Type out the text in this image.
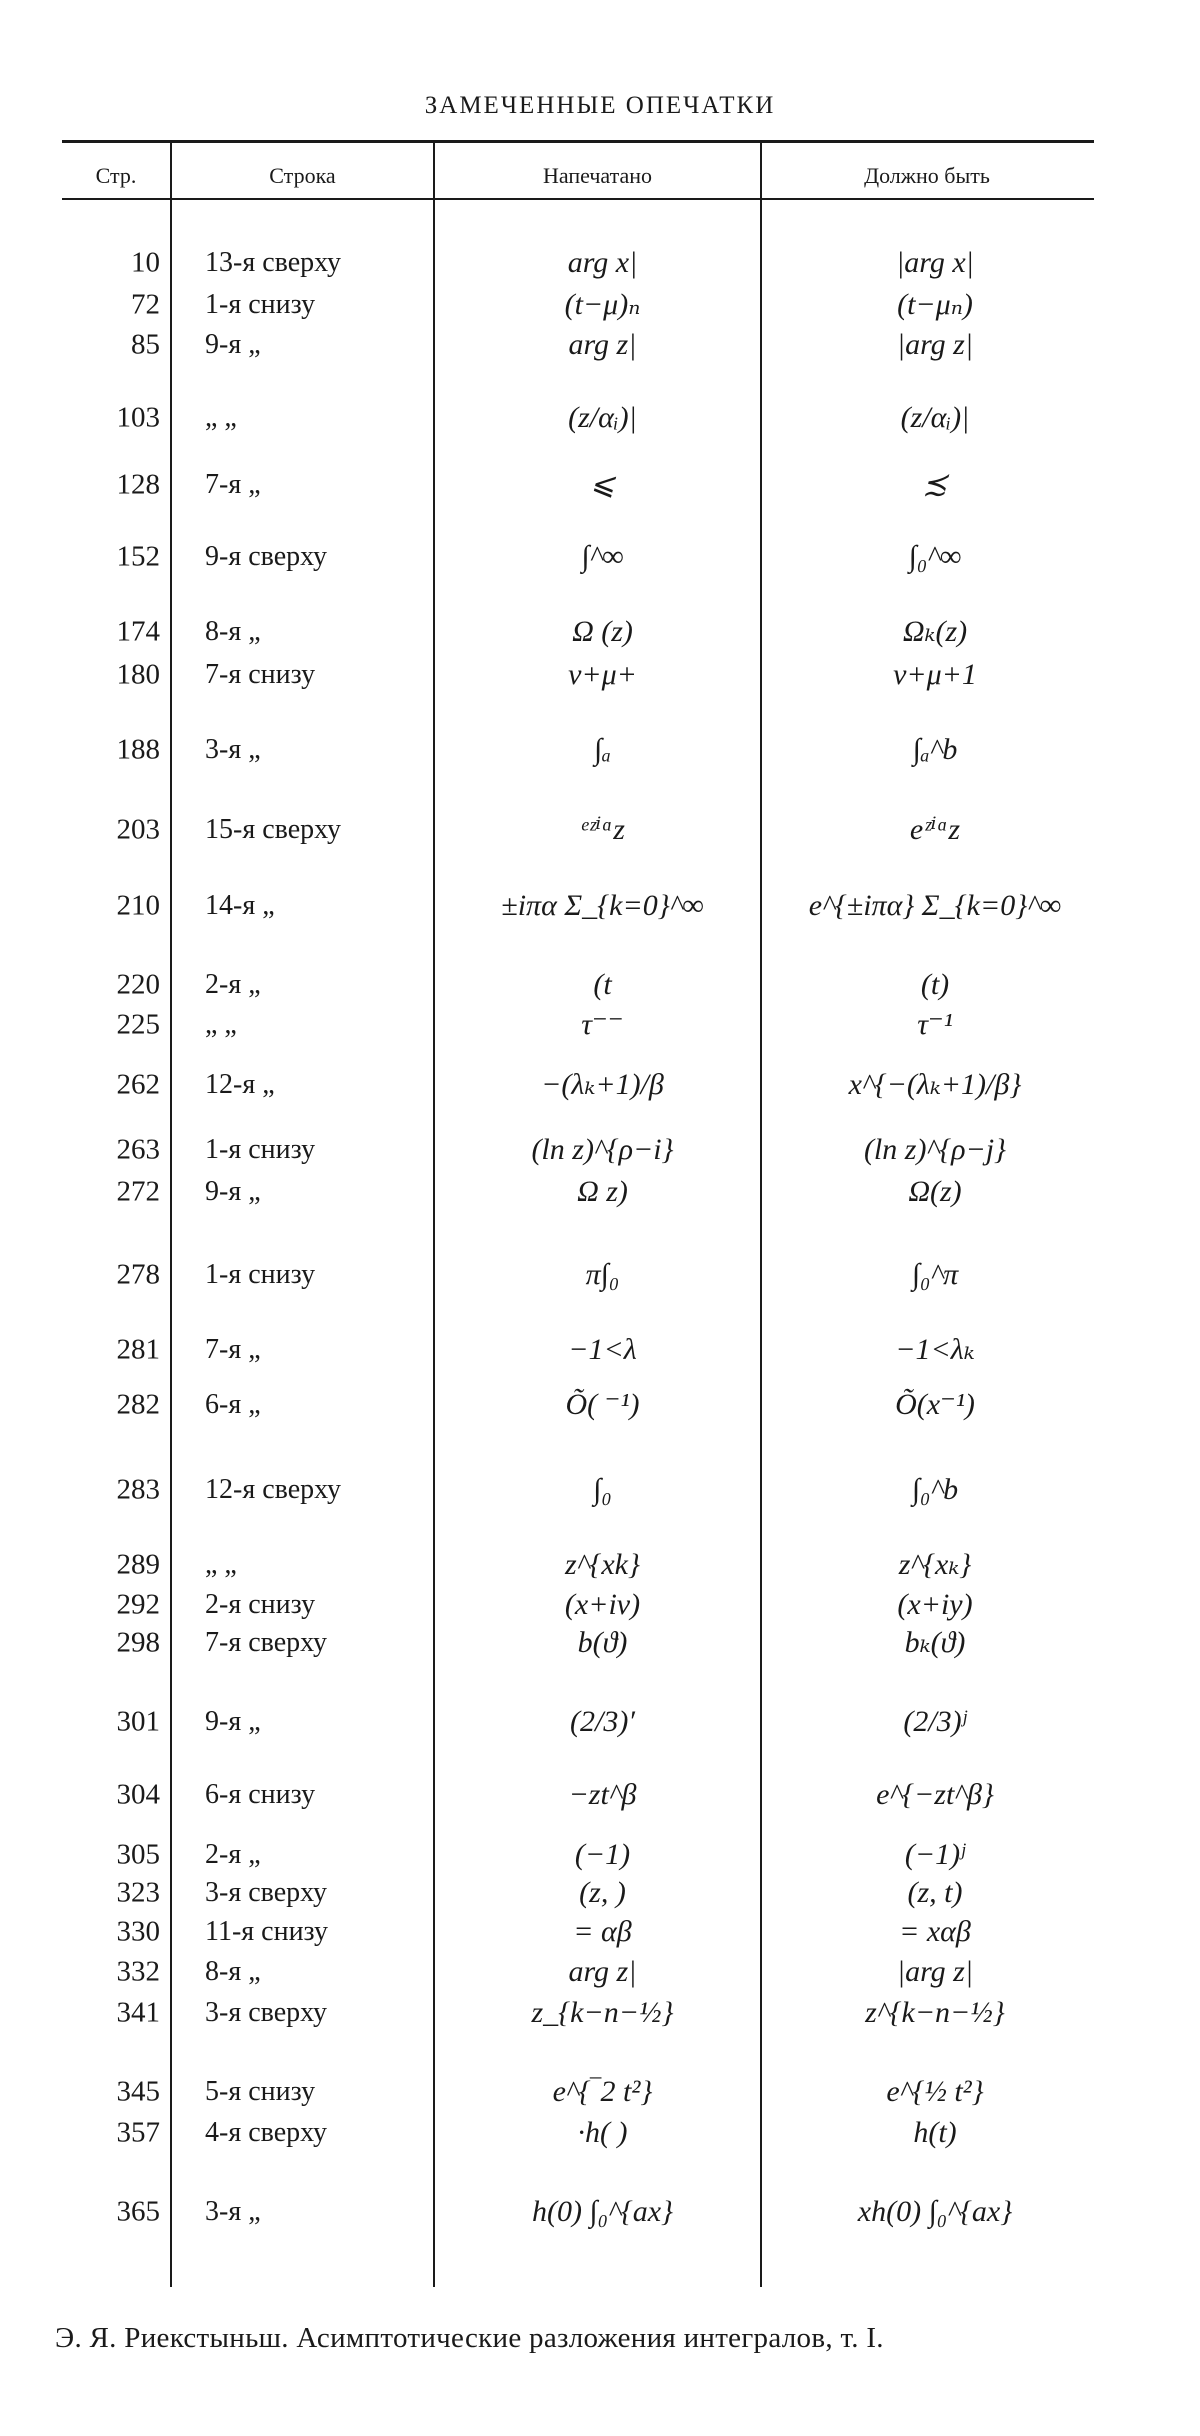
ЗАМЕЧЕННЫЕ ОПЕЧАТКИ
Стр.	Строка	Напечатано	Должно быть
10 13-я сверху	arg x|	|arg x|
72 1-я снизу	(t−μ)ₙ	(t−μₙ)
85 9-я „	arg z|	|arg z|
103 „ „	(z/αᵢ)|	(z/αᵢ)|
128 7-я „	⩽	≾
152 9-я сверху	∫^∞	∫₀^∞
174 8-я „	Ω (z)	Ωₖ(z)
180 7-я снизу	ν+μ+	ν+μ+1
188 3-я „	∫ₐ	∫ₐ^b
203 15-я сверху	ᵉᶻⁱᵅz	eᶻⁱᵅz
210 14-я „	±iπα Σ_{k=0}^∞	e^{±iπα} Σ_{k=0}^∞
220 2-я „	(t	(t)
225 „ „	τ⁻⁻	τ⁻¹
262 12-я „	−(λₖ+1)/β	x^{−(λₖ+1)/β}
263 1-я снизу	(ln z)^{ρ−i}	(ln z)^{ρ−j}
272 9-я „	Ω z)	Ω(z)
278 1-я снизу	π∫₀	∫₀^π
281 7-я „	−1<λ	−1<λₖ
282 6-я „	Õ( ⁻¹)	Õ(x⁻¹)
283 12-я сверху	∫₀	∫₀^b
289 „ „	z^{xk}	z^{xₖ}
292 2-я снизу	(x+iv)	(x+iy)
298 7-я сверху	b(ϑ)	bₖ(ϑ)
301 9-я „	(2/3)′	(2/3)ʲ
304 6-я снизу	−zt^β	e^{−zt^β}
305 2-я „	(−1)	(−1)ʲ
323 3-я сверху	(z, )	(z, t)
330 11-я снизу	= αβ	= xαβ
332 8-я „	arg z|	|arg z|
341 3-я сверху	z_{k−n−½}	z^{k−n−½}
345 5-я снизу	e^{‾2 t²}	e^{½ t²}
357 4-я сверху	·h( )	h(t)
365 3-я „	h(0) ∫₀^{ax}	xh(0) ∫₀^{ax}
Э. Я. Риекстыньш. Асимптотические разложения интегралов, т. I.
